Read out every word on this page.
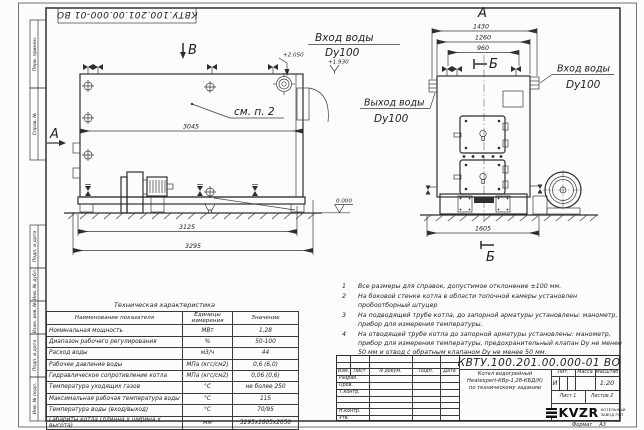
Перв. примен.
Справ. №
Подп. и дата
Инв. № дубл.
Взам. инв. №
Подп. и дата
Инв. № подл.
КВТУ.100.201.00.000-01 ВО
0.000
В
А
см. п. 2
Вход воды
Dy100
+2.050
+1.930
3045
3125
3295
А
1430
1260
960
Б
1605
Б
Вход воды
Dy100
Выход воды
Dy100
1	Все размеры для справок, допустимое отклонение ±100 мм.
2	На боковой стенке котла в области топочной камеры установлен пробоотборный штуцер
3	На подводящей трубе котла, до запорной арматуры установлены: манометр, прибор для измерения температуры.
4	На отводящей трубе котла до запорной арматуры установлены: манометр, прибор для измерения температуры, предохранительный клапан Dу не менее 50 мм и отвод с обратным клапаном Dу не менее 50 мм.
Техническая характеристика
Наименование показателя	Единицы измерения	Значение
Номинальная мощность	МВт	1,28
Диапазон рабочего регулирования	%	50-100
Расход воды	м3/ч	44
Рабочее давление воды	МПа (кгс/см2)	0,6 (6,0)
Гидравлическое сопротивление котла	МПа (кгс/см2)	0,06 (0,6)
Температура уходящих газов	°С	не более 250
Максимальная рабочая температура воды	°С	115
Температура воды (вход/выход)	°С	70/95
Габариты котла (длинна х ширина х высота)	мм	3295х1605х2050
Изм. Лист	N докум.	Подп.	Дата
Разраб.
Пров.
Т.контр.
Н.контр.
Утв.
КВТУ.100.201.00.000-01 ВО
Котел водогрейный
Heatexpert-КВр-1,28-КБД(К)
по техническому заданию
Лит.	Масса Масштаб
И	1:20
Лист 1	Листов 2
KVZR КОТЕЛЬНЫЙ
ЗАВОД РЭП
Формат А3
